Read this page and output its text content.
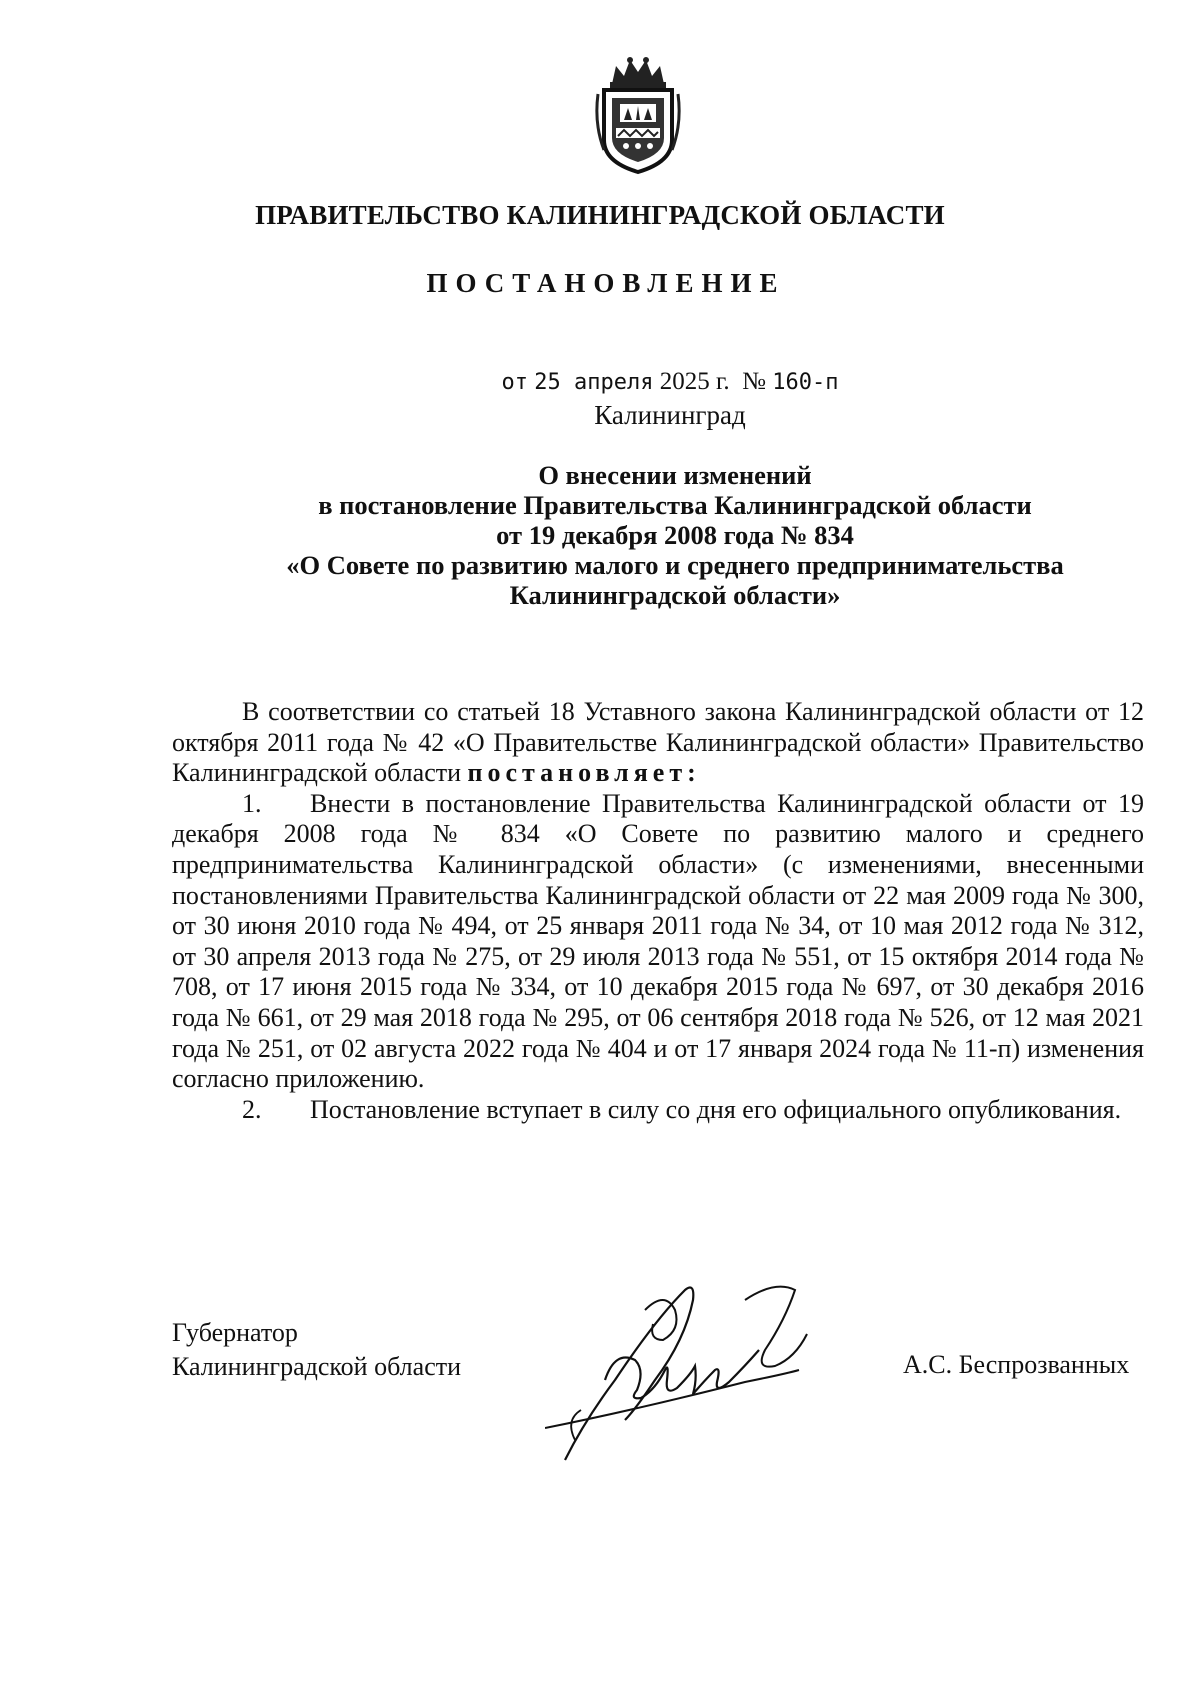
ПРАВИТЕЛЬСТВО КАЛИНИНГРАДСКОЙ ОБЛАСТИ
ПОСТАНОВЛЕНИЕ
от 25 апреля 2025 г. № 160-п
Калининград
О внесении изменений
в постановление Правительства Калининградской области
от 19 декабря 2008 года № 834
«О Совете по развитию малого и среднего предпринимательства
Калининградской области»

В соответствии со статьей 18 Уставного закона Калининградской области от 12 октября 2011 года № 42 «О Правительстве Калининградской области» Правительство Калининградской области постановляет:

1. Внести в постановление Правительства Калининградской области от 19 декабря 2008 года № 834 «О Совете по развитию малого и среднего предпринимательства Калининградской области» (с изменениями, внесенными постановлениями Правительства Калининградской области от 22 мая 2009 года № 300, от 30 июня 2010 года № 494, от 25 января 2011 года № 34, от 10 мая 2012 года № 312, от 30 апреля 2013 года № 275, от 29 июля 2013 года № 551, от 15 октября 2014 года № 708, от 17 июня 2015 года № 334, от 10 декабря 2015 года № 697, от 30 декабря 2016 года № 661, от 29 мая 2018 года № 295, от 06 сентября 2018 года № 526, от 12 мая 2021 года № 251, от 02 августа 2022 года № 404 и от 17 января 2024 года № 11-п) изменения согласно приложению.

2. Постановление вступает в силу со дня его официального опубликования.

Губернатор
Калининградской области	А.С. Беспрозванных
